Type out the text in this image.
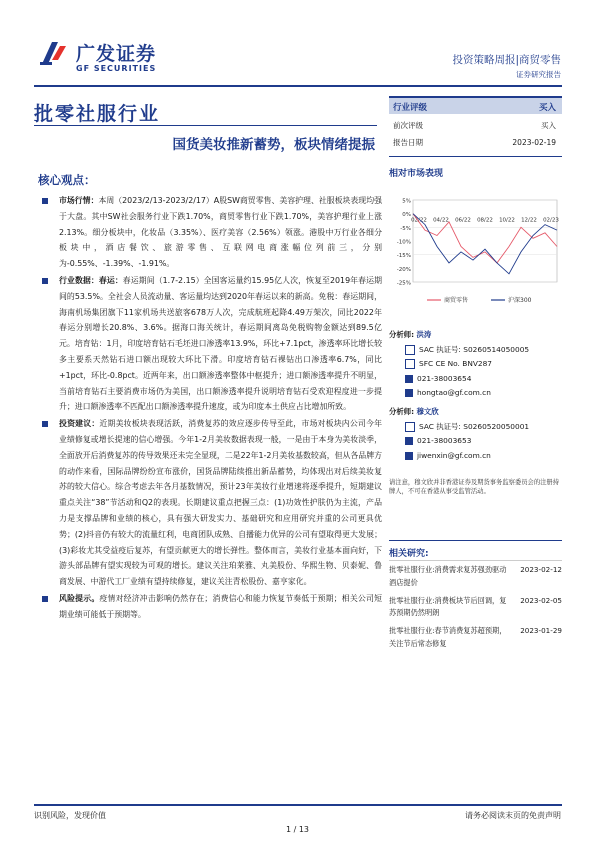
广发证券
GF SECURITIES
投资策略周报|商贸零售
证券研究报告
批零社服行业
国货美妆推新蓄势，板块情绪提振
核心观点：
市场行情：本周（2023/2/13-2023/2/17）A股SW商贸零售、美容护理、社服板块表现均强于大盘。其中SW社会服务行业下跌1.70%，商贸零售行业下跌1.70%，美容护理行业上涨2.13%。细分板块中，化妆品（3.35%）、医疗美容（2.56%）领涨。港股中万行业各细分板块中，酒店餐饮、旅游零售、互联网电商涨幅位列前三，分别为-0.55%、-1.39%、-1.91%。
行业数据：春运：春运期间（1.7-2.15）全国客运量约15.95亿人次，恢复至2019年春运期间的53.5%。全社会人员流动量、客运量均达到2020年春运以来的新高。免税：春运期间，海南机场集团旗下11家机场共送旅客678万人次，完成航班起降4.49万架次，同比2022年春运分别增长20.8%、3.6%。据海口海关统计，春运期间离岛免税购物金额达到89.5亿元。培育钻：1月，印度培育钻石毛坯进口渗透率13.9%，环比+7.1pct，渗透率环比增长较多主要系天然钻石进口额出现较大环比下滑。印度培育钻石裸钻出口渗透率6.7%，同比+1pct，环比-0.8pct。近两年来，出口额渗透率整体中枢提升；进口额渗透率提升不明显，当前培育钻石主要消费市场仍为美国，出口额渗透率提升说明培育钻石受欢迎程度进一步提升；进口额渗透率不匹配出口额渗透率提升速度，或为印度本土供应占比增加所致。
投资建议：近期美妆板块表现活跃，消费复苏的效应逐步传导至此，市场对板块内公司今年业绩修复或增长提速的信心增强。今年1-2月美妆数据表现一般，一是由于本身为美妆淡季，全面放开后消费复苏的传导效果还未完全显现，二是22年1-2月美妆基数较高，但从各品牌方的动作来看，国际品牌纷纷宣布涨价，国货品牌陆续推出新品蓄势，均体现出对后续美妆复苏的较大信心。综合考虑去年各月基数情况，预计23年美妆行业增速将逐季提升，短期建议重点关注“38”节活动和Q2的表现。长期建议重点把握三点：(1)功效性护肤仍为主流，产品力是支撑品牌和业绩的核心，具有强大研发实力、基础研究和应用研究并重的公司更具优势；(2)抖音仍有较大的流量红利，电商团队成熟、自播能力优异的公司有望取得更大发展；(3)彩妆尤其受益疫后复苏，有望贡献更大的增长弹性。整体而言，美妆行业基本面向好，下游头部品牌有望实现较为可观的增长。建议关注珀莱雅、丸美股份、华熙生物、贝泰妮、鲁商发展、中游代工厂业绩有望持续修复，建议关注青松股份、嘉亨家化。
风险提示。疫情对经济冲击影响仍然存在；消费信心和能力恢复节奏低于预期；相关公司短期业绩可能低于预期等。
行业评级	买入
前次评级	买入
报告日期	2023-02-19
相对市场表现
5%
-5%
-15%
-25%
0%
-10%
-20%
02/22 04/22 06/22 08/22 10/22 12/22 02/23
商贸零售	沪深300
分析师: 洪涛
SAC 执证号: S0260514050005
SFC CE No. BNV287
021-38003654
hongtao@gf.com.cn
分析师: 穆文欣
SAC 执证号: S0260520050001
021-38003653
jiwenxin@gf.com.cn
请注意，穆文欣并非香港证券及期货事务监察委员会的注册持牌人，不可在香港从事受监管活动。
相关研究:
批零社服行业:消费需求复苏强劲驱动酒店提价
2023-02-12
批零社服行业:消费板块节后回调，复苏预期仍然明朗
2023-02-05
批零社服行业:春节消费复苏超预期，关注节后常态修复
2023-01-29
识别风险，发现价值	请务必阅读末页的免责声明
1 / 13
